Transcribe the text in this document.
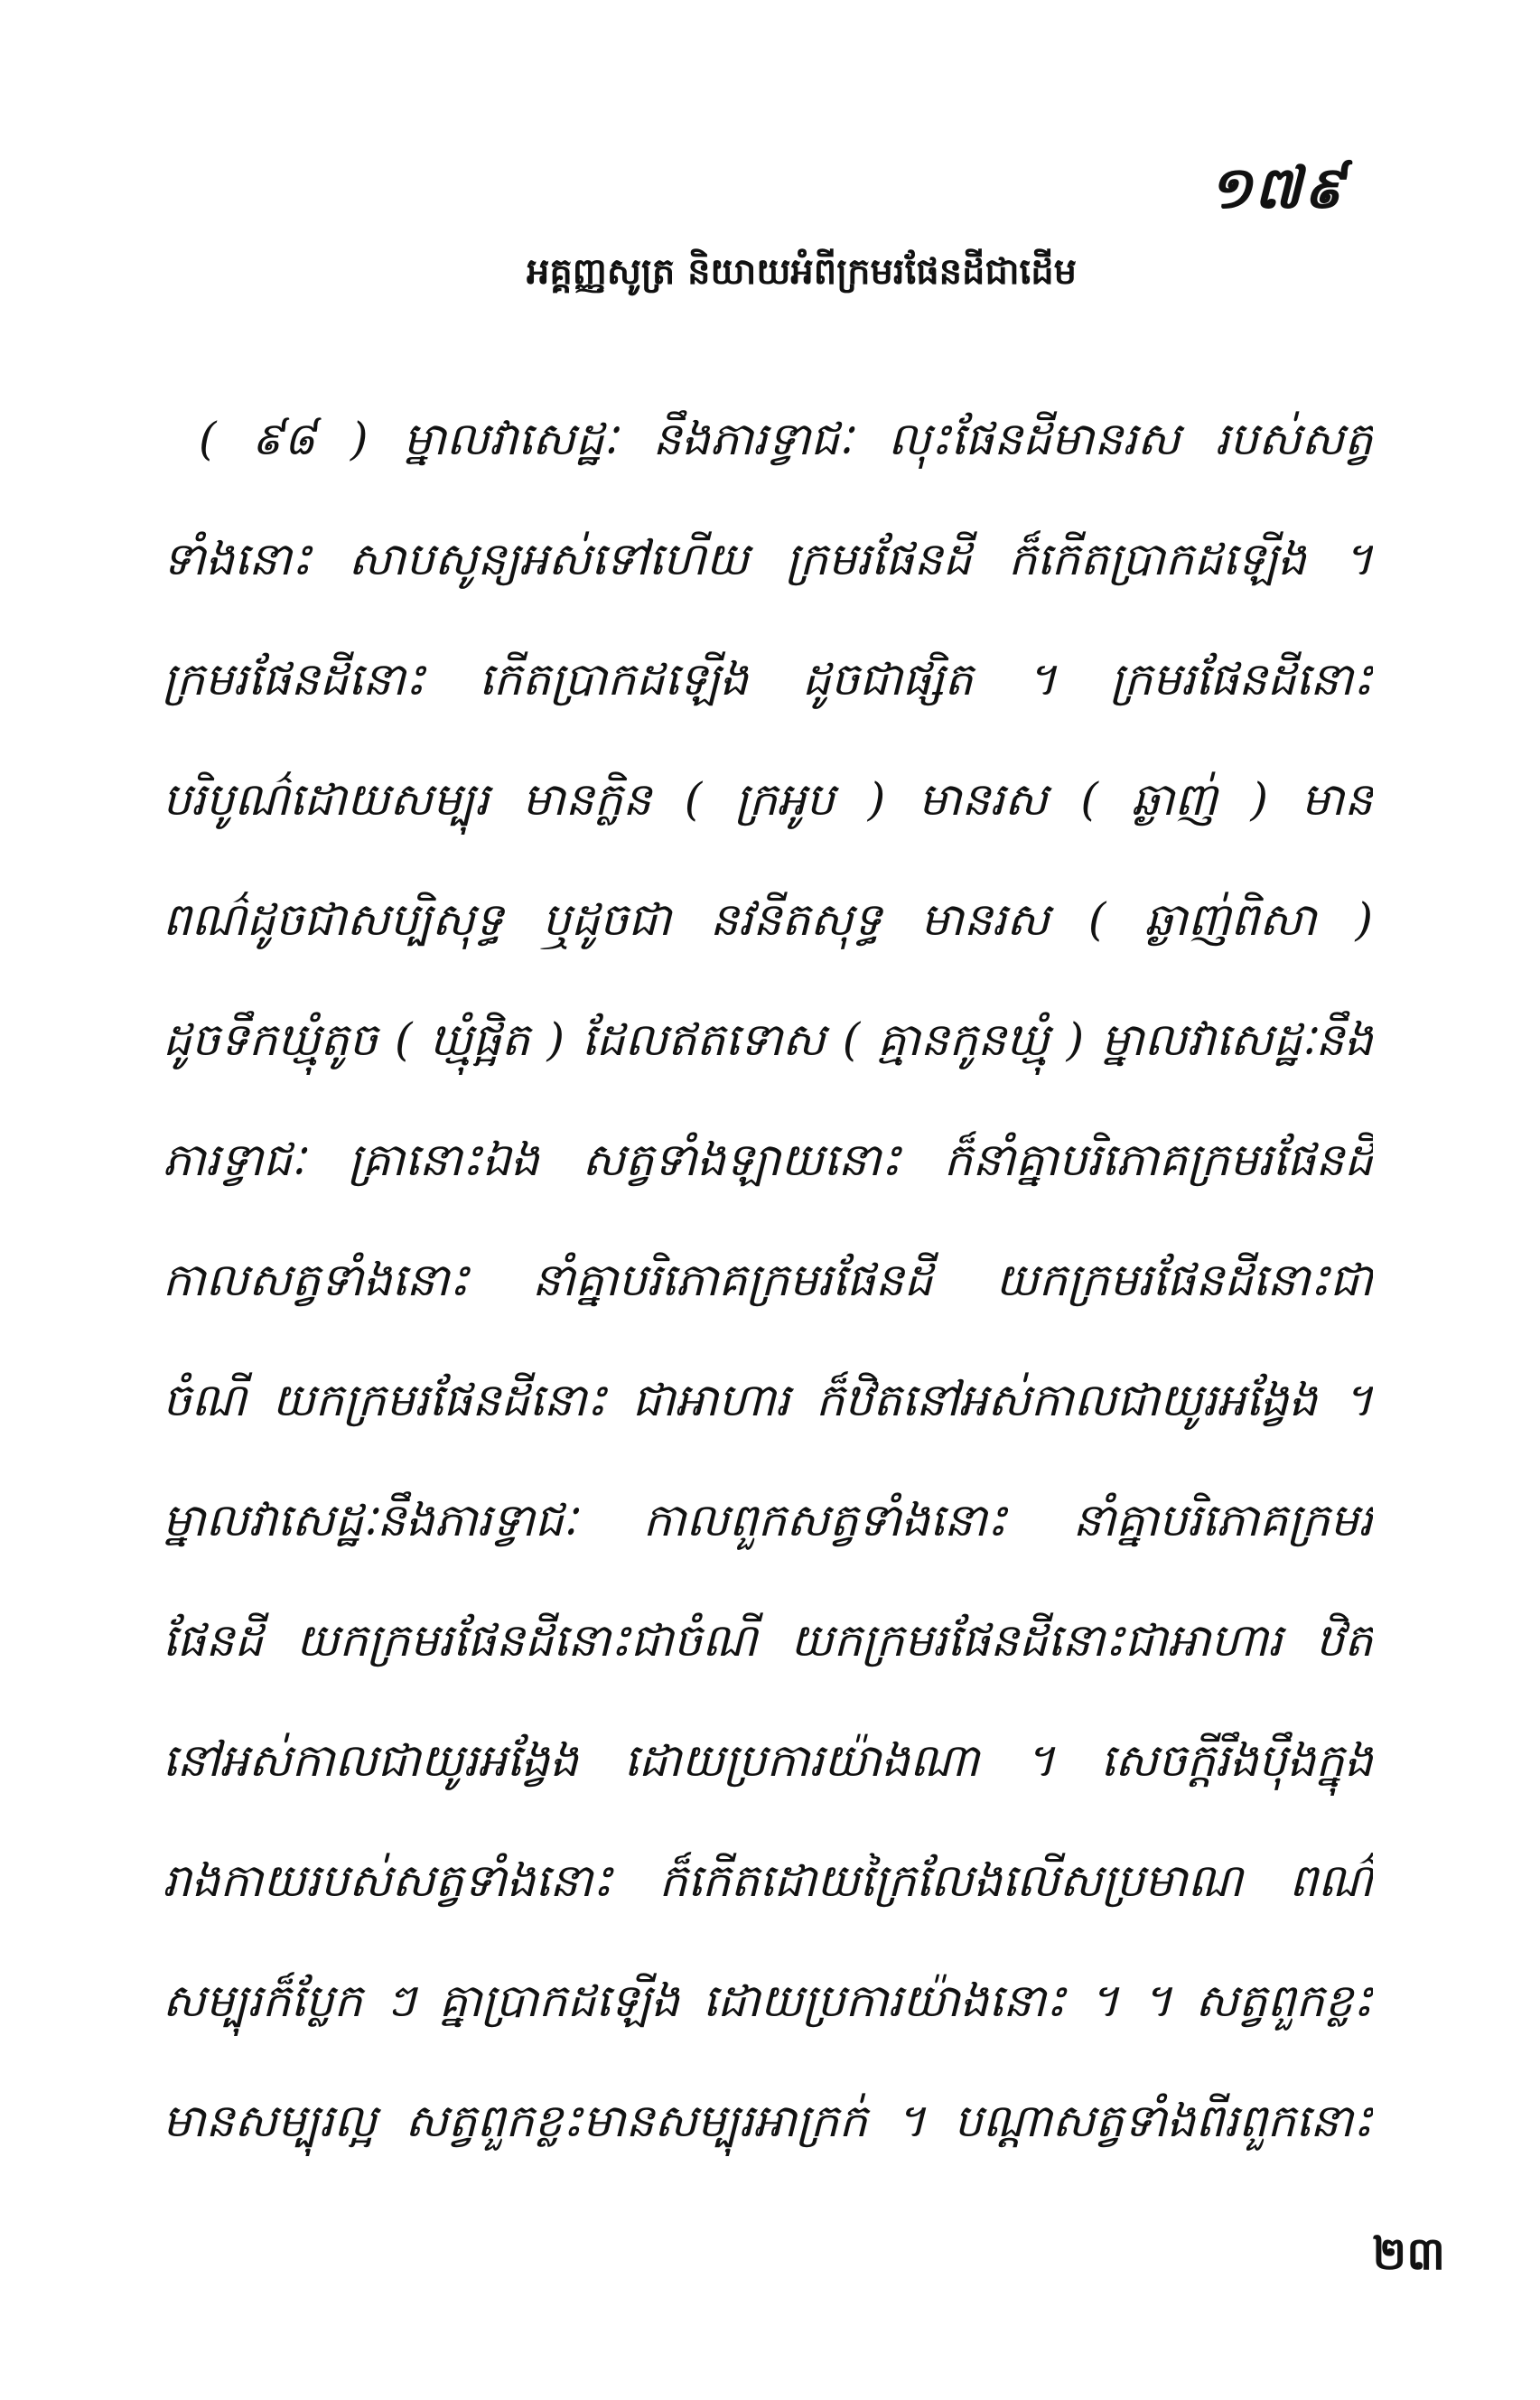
១៧៩
អគ្គញ្ញសូត្រ និយាយអំពីក្រមរផែនដីជាដើម
( ៩៨ ) ម្នាលវាសេដ្ឋៈ នឹងភារទ្វាជៈ លុះផែនដីមានរស របស់សត្វ
ទាំងនោះ សាបសូន្យអស់ទៅហើយ ក្រមរផែនដី ក៏កើតប្រាកដឡើង ។
ក្រមរផែនដីនោះ កើតប្រាកដឡើង ដូចជាផ្សិត ។ ក្រមរផែនដីនោះ
បរិបូណ៌ដោយសម្បុរ មានក្លិន ( ក្រអូប ) មានរស ( ឆ្ងាញ់ ) មាន
ពណ៌ដូចជាសប្បិសុទ្ធ ឬដូចជា នវនីតសុទ្ធ មានរស ( ឆ្ងាញ់ពិសា )
ដូចទឹកឃ្មុំតូច ( ឃ្មុំផ្អិត ) ដែលឥតទោស ( គ្មានកូនឃ្មុំ ) ម្នាលវាសេដ្ឋៈនឹង
ភារទ្វាជៈ គ្រានោះឯង សត្វទាំងឡាយនោះ ក៏នាំគ្នាបរិភោគក្រមរផែនដី
កាលសត្វទាំងនោះ នាំគ្នាបរិភោគក្រមរផែនដី យកក្រមរផែនដីនោះជា
ចំណី យកក្រមរផែនដីនោះ ជាអាហារ ក៏ឋិតនៅអស់កាលជាយូរអង្វែង ។
ម្នាលវាសេដ្ឋៈនឹងភារទ្វាជៈ កាលពួកសត្វទាំងនោះ នាំគ្នាបរិភោគក្រមរ
ផែនដី យកក្រមរផែនដីនោះជាចំណី យកក្រមរផែនដីនោះជាអាហារ ឋិត
នៅអស់កាលជាយូរអង្វែង ដោយប្រការយ៉ាងណា ។ សេចក្តីរឹងប៉ឹងក្នុង
រាងកាយរបស់សត្វទាំងនោះ ក៏កើតដោយក្រៃលែងលើសប្រមាណ ពណ៌
សម្បុរក៏ប្លែក ៗ គ្នាប្រាកដឡើង ដោយប្រការយ៉ាងនោះ ។ ។ សត្វពួកខ្លះ
មានសម្បុរល្អ សត្វពួកខ្លះមានសម្បុរអាក្រក់ ។ បណ្តាសត្វទាំងពីរពួកនោះ
២៣
